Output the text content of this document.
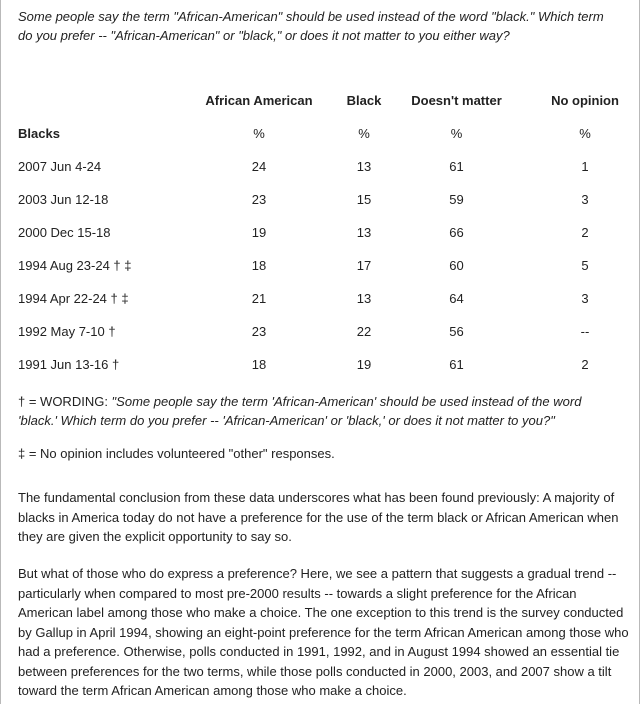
Some people say the term "African-American" should be used instead of the word "black." Which term do you prefer -- "African-American" or "black," or does it not matter to you either way?
	African American	Black	Doesn't matter	No opinion
Blacks	%	%	%	%
2007 Jun 4-24	24	13	61	1
2003 Jun 12-18	23	15	59	3
2000 Dec 15-18	19	13	66	2
1994 Aug 23-24 † ‡	18	17	60	5
1994 Apr 22-24 † ‡	21	13	64	3
1992 May 7-10 †	23	22	56	--
1991 Jun 13-16 †	18	19	61	2
† = WORDING: "Some people say the term 'African-American' should be used instead of the word 'black.' Which term do you prefer -- 'African-American' or 'black,' or does it not matter to you?"
‡ = No opinion includes volunteered "other" responses.
The fundamental conclusion from these data underscores what has been found previously: A majority of blacks in America today do not have a preference for the use of the term black or African American when they are given the explicit opportunity to say so.
But what of those who do express a preference? Here, we see a pattern that suggests a gradual trend -- particularly when compared to most pre-2000 results -- towards a slight preference for the African American label among those who make a choice. The one exception to this trend is the survey conducted by Gallup in April 1994, showing an eight-point preference for the term African American among those who had a preference. Otherwise, polls conducted in 1991, 1992, and in August 1994 showed an essential tie between preferences for the two terms, while those polls conducted in 2000, 2003, and 2007 show a tilt toward the term African American among those who make a choice.
